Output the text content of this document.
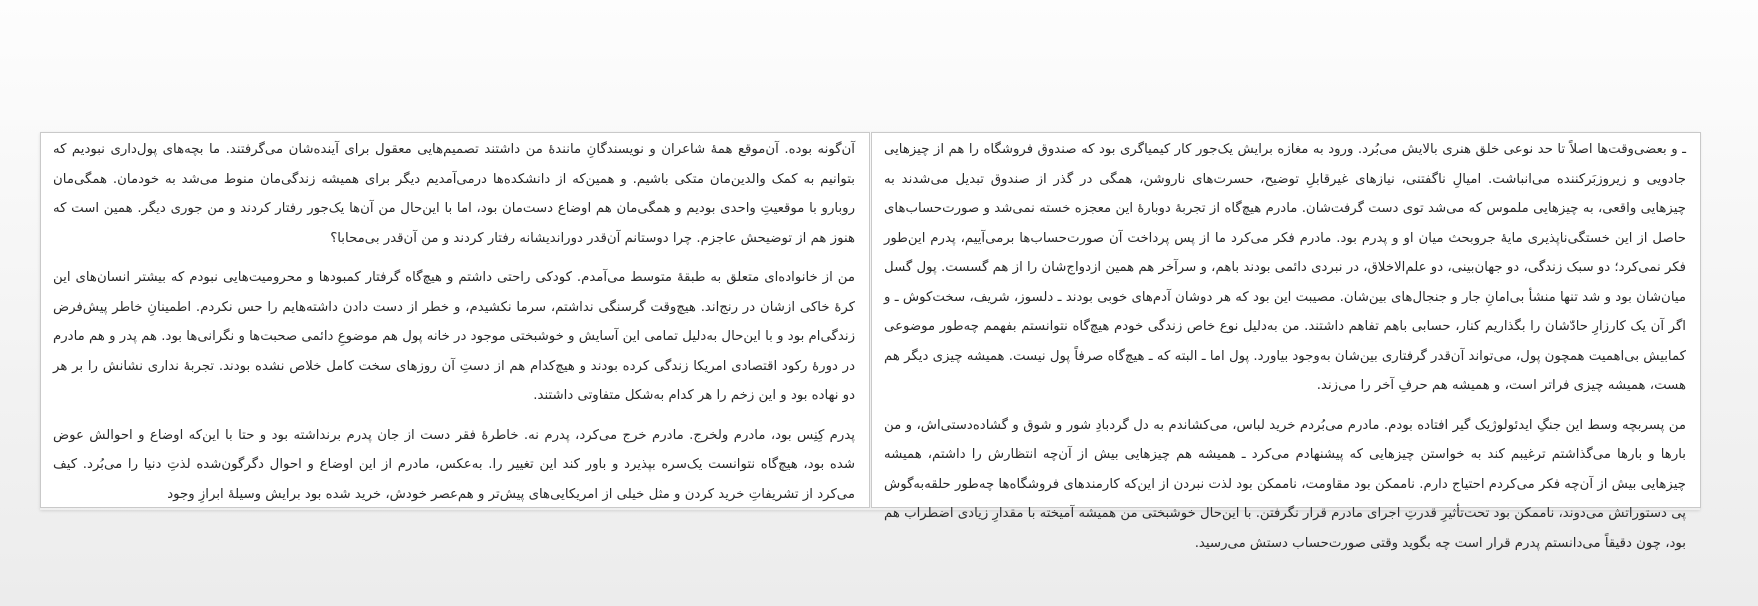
آن‌گونه بوده. آن‌موقع همهٔ شاعران و نویسندگانِ مانندهٔ من داشتند تصمیم‌هایی معقول برای آینده‌شان می‌گرفتند. ما بچه‌های پول‌داری نبودیم که بتوانیم به کمک والدین‌مان متکی باشیم. و همین‌که از دانشکده‌ها درمی‌آمدیم دیگر برای همیشه زندگی‌مان منوط می‌شد به خودمان. همگی‌مان روبارو با موقعیتِ واحدی بودیم و همگی‌مان هم اوضاع دست‌مان بود، اما با این‌حال من آن‌ها یک‌جور رفتار کردند و من جوری دیگر. همین است که هنوز هم از توضیحش عاجزم. چرا دوستانم آن‌قدر دوراندیشانه رفتار کردند و من آن‌قدر بی‌محابا؟

من از خانواده‌ای متعلق به طبقهٔ متوسط می‌آمدم. کودکی راحتی داشتم و هیچ‌گاه گرفتار کمبودها و محرومیت‌هایی نبودم که بیشتر انسان‌های این کرهٔ خاکی ازشان در رنج‌اند. هیچ‌وقت گرسنگی نداشتم، سرما نکشیدم، و خطر از دست دادن داشته‌هایم را حس نکردم. اطمینانِ خاطر پیش‌فرض زندگی‌ام بود و با این‌حال به‌دلیل تمامی این آسایش و خوشبختی موجود در خانه پول هم موضوعِ دائمی صحبت‌ها و نگرانی‌ها بود. هم پدر و هم مادرم در دورهٔ رکود اقتصادی امریکا زندگی کرده بودند و هیچ‌کدام هم از دستِ آن روزهای سخت کامل خلاص نشده بودند. تجربهٔ نداری نشانش را بر هر دو نهاده بود و این زخم را هر کدام به‌شکل متفاوتی داشتند.

پدرم کِنِس بود، مادرم ولخرج. مادرم خرج می‌کرد، پدرم نه. خاطرهٔ فقر دست از جان پدرم برنداشته بود و حتا با این‌که اوضاع و احوالش عوض شده بود، هیچ‌گاه نتوانست یک‌سره بپذیرد و باور کند این تغییر را. به‌عکس، مادرم از این اوضاع و احوال دگرگون‌شده لذتِ دنیا را می‌بُرد. کیف می‌کرد از تشریفاتِ خرید کردن و مثل خیلی از امریکایی‌های پیش‌تر و هم‌عصر خودش، خرید شده بود برایش وسیلهٔ ابرازِ وجود

ـ و بعضی‌وقت‌ها اصلاً تا حد نوعی خلق هنری بالایش می‌بُرد. ورود به مغازه برایش یک‌جور کار کیمیاگری بود که صندوق فروشگاه را هم از چیزهایی جادویی و زیروزبَرکننده می‌انباشت. امیالِ ناگفتنی، نیازهای غیرقابلِ توضیح، حسرت‌های ناروشن، همگی در گذر از صندوق تبدیل می‌شدند به چیزهایی واقعی، به چیزهایی ملموس که می‌شد توی دست گرفت‌شان. مادرم هیچ‌گاه از تجربهٔ دوبارهٔ این معجزه خسته نمی‌شد و صورت‌حساب‌های حاصل از این خستگی‌ناپذیری مایهٔ جروبحث میان او و پدرم بود. مادرم فکر می‌کرد ما از پس پرداخت آن صورت‌حساب‌ها برمی‌آییم، پدرم این‌طور فکر نمی‌کرد؛ دو سبک زندگی، دو جهان‌بینی، دو علم‌الاخلاق، در نبردی دائمی بودند باهم، و سرآخر هم همین ازدواج‌شان را از هم گسست. پول گسل میان‌شان بود و شد تنها منشأ بی‌امانِ جار و جنجال‌های بین‌شان. مصیبت این بود که هر دوشان آدم‌های خوبی بودند ـ دلسوز، شریف، سخت‌کوش ـ و اگر آن یک کارزارِ حادّشان را بگذاریم کنار، حسابی باهم تفاهم داشتند. من به‌دلیل نوع خاص زندگی خودم هیچ‌گاه نتوانستم بفهمم چه‌طور موضوعی کمابیش بی‌اهمیت همچون پول، می‌تواند آن‌قدر گرفتاری بین‌شان به‌وجود بیاورد. پول اما ـ البته که ـ هیچ‌گاه صرفاً پول نیست. همیشه چیزی دیگر هم هست، همیشه چیزی فراتر است، و همیشه هم حرفِ آخر را می‌زند.

من پسربچه وسط این جنگِ ایدئولوژیک گیر افتاده بودم. مادرم می‌بُردم خرید لباس، می‌کشاندم به دل گردبادِ شور و شوق و گشاده‌دستی‌اش، و من بارها و بارها می‌گذاشتم ترغیبم کند به خواستن چیزهایی که پیشنهادم می‌کرد ـ همیشه هم چیزهایی بیش از آن‌چه انتظارش را داشتم، همیشه چیزهایی بیش از آن‌چه فکر می‌کردم احتیاج دارم. ناممکن بود مقاومت، ناممکن بود لذت نبردن از این‌که کارمندهای فروشگاه‌ها چه‌طور حلقه‌به‌گوش پی دستوراتش می‌دوند، ناممکن بود تحت‌تأثیرِ قدرتِ اجرای مادرم قرار نگرفتن. با این‌حال خوشبختی من همیشه آمیخته با مقدارِ زیادی اضطراب هم بود، چون دقیقاً می‌دانستم پدرم قرار است چه بگوید وقتی صورت‌حساب دستش می‌رسید.
